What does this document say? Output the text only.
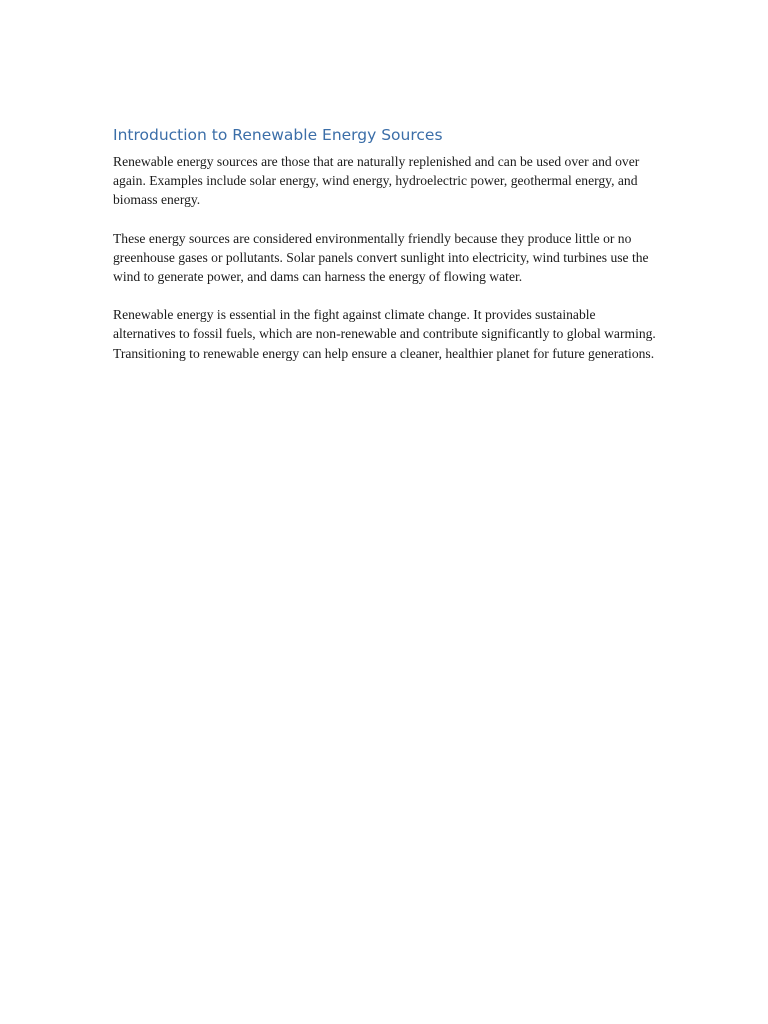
Introduction to Renewable Energy Sources

Renewable energy sources are those that are naturally replenished and can be used over and over again. Examples include solar energy, wind energy, hydroelectric power, geothermal energy, and biomass energy.

These energy sources are considered environmentally friendly because they produce little or no greenhouse gases or pollutants. Solar panels convert sunlight into electricity, wind turbines use the wind to generate power, and dams can harness the energy of flowing water.

Renewable energy is essential in the fight against climate change. It provides sustainable alternatives to fossil fuels, which are non-renewable and contribute significantly to global warming. Transitioning to renewable energy can help ensure a cleaner, healthier planet for future generations.
